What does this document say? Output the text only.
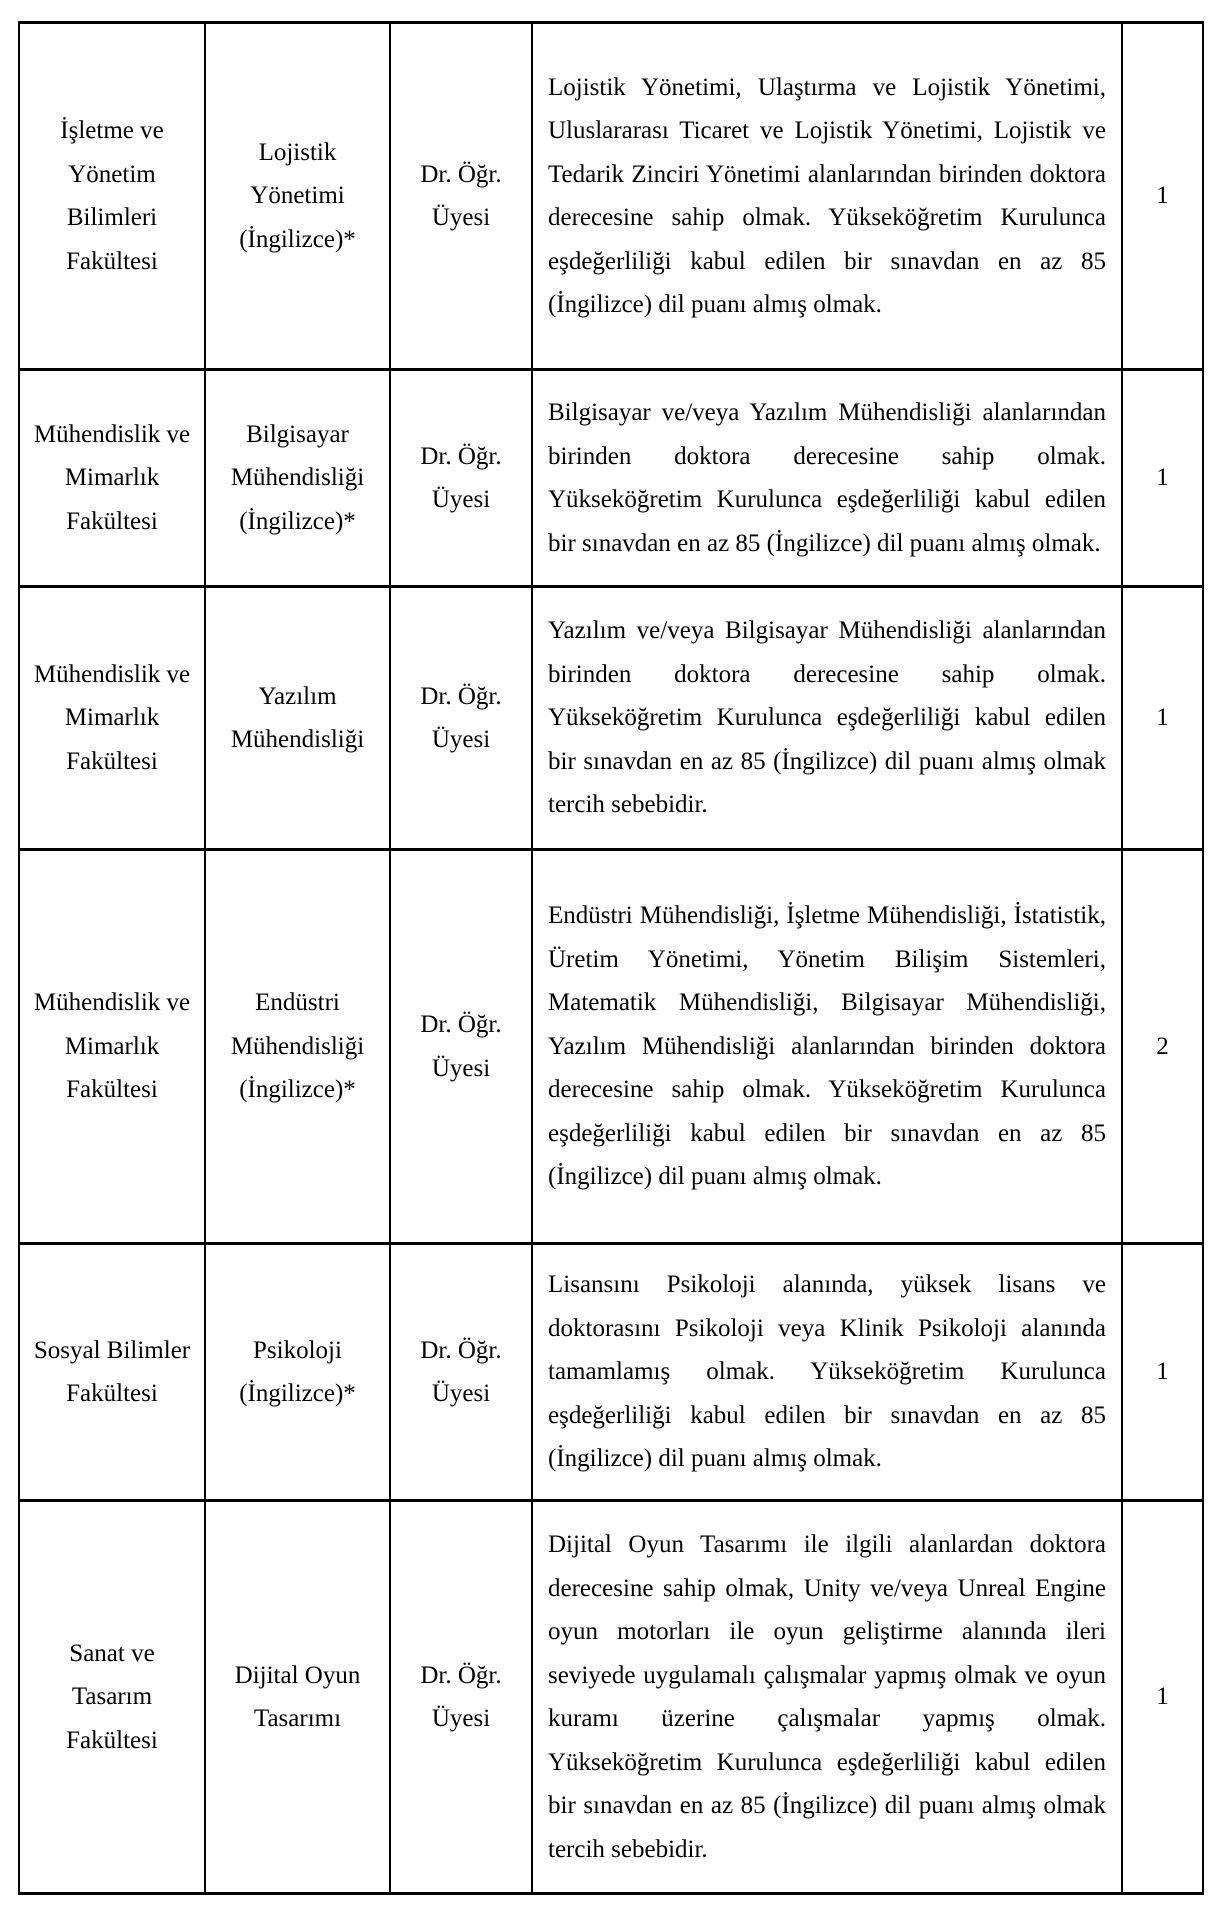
İşletme ve Yönetim Bilimleri Fakültesi	Lojistik Yönetimi (İngilizce)*	Dr. Öğr. Üyesi	Lojistik Yönetimi, Ulaştırma ve Lojistik Yönetimi, Uluslararası Ticaret ve Lojistik Yönetimi, Lojistik ve Tedarik Zinciri Yönetimi alanlarından birinden doktora derecesine sahip olmak. Yükseköğretim Kurulunca eşdeğerliliği kabul edilen bir sınavdan en az 85 (İngilizce) dil puanı almış olmak.	1
Mühendislik ve Mimarlık Fakültesi	Bilgisayar Mühendisliği (İngilizce)*	Dr. Öğr. Üyesi	Bilgisayar ve/veya Yazılım Mühendisliği alanlarından birinden doktora derecesine sahip olmak. Yükseköğretim Kurulunca eşdeğerliliği kabul edilen bir sınavdan en az 85 (İngilizce) dil puanı almış olmak.	1
Mühendislik ve Mimarlık Fakültesi	Yazılım Mühendisliği	Dr. Öğr. Üyesi	Yazılım ve/veya Bilgisayar Mühendisliği alanlarından birinden doktora derecesine sahip olmak. Yükseköğretim Kurulunca eşdeğerliliği kabul edilen bir sınavdan en az 85 (İngilizce) dil puanı almış olmak tercih sebebidir.	1
Mühendislik ve Mimarlık Fakültesi	Endüstri Mühendisliği (İngilizce)*	Dr. Öğr. Üyesi	Endüstri Mühendisliği, İşletme Mühendisliği, İstatistik, Üretim Yönetimi, Yönetim Bilişim Sistemleri, Matematik Mühendisliği, Bilgisayar Mühendisliği, Yazılım Mühendisliği alanlarından birinden doktora derecesine sahip olmak. Yükseköğretim Kurulunca eşdeğerliliği kabul edilen bir sınavdan en az 85 (İngilizce) dil puanı almış olmak.	2
Sosyal Bilimler Fakültesi	Psikoloji (İngilizce)*	Dr. Öğr. Üyesi	Lisansını Psikoloji alanında, yüksek lisans ve doktorasını Psikoloji veya Klinik Psikoloji alanında tamamlamış olmak. Yükseköğretim Kurulunca eşdeğerliliği kabul edilen bir sınavdan en az 85 (İngilizce) dil puanı almış olmak.	1
Sanat ve Tasarım Fakültesi	Dijital Oyun Tasarımı	Dr. Öğr. Üyesi	Dijital Oyun Tasarımı ile ilgili alanlardan doktora derecesine sahip olmak, Unity ve/veya Unreal Engine oyun motorları ile oyun geliştirme alanında ileri seviyede uygulamalı çalışmalar yapmış olmak ve oyun kuramı üzerine çalışmalar yapmış olmak. Yükseköğretim Kurulunca eşdeğerliliği kabul edilen bir sınavdan en az 85 (İngilizce) dil puanı almış olmak tercih sebebidir.	1
